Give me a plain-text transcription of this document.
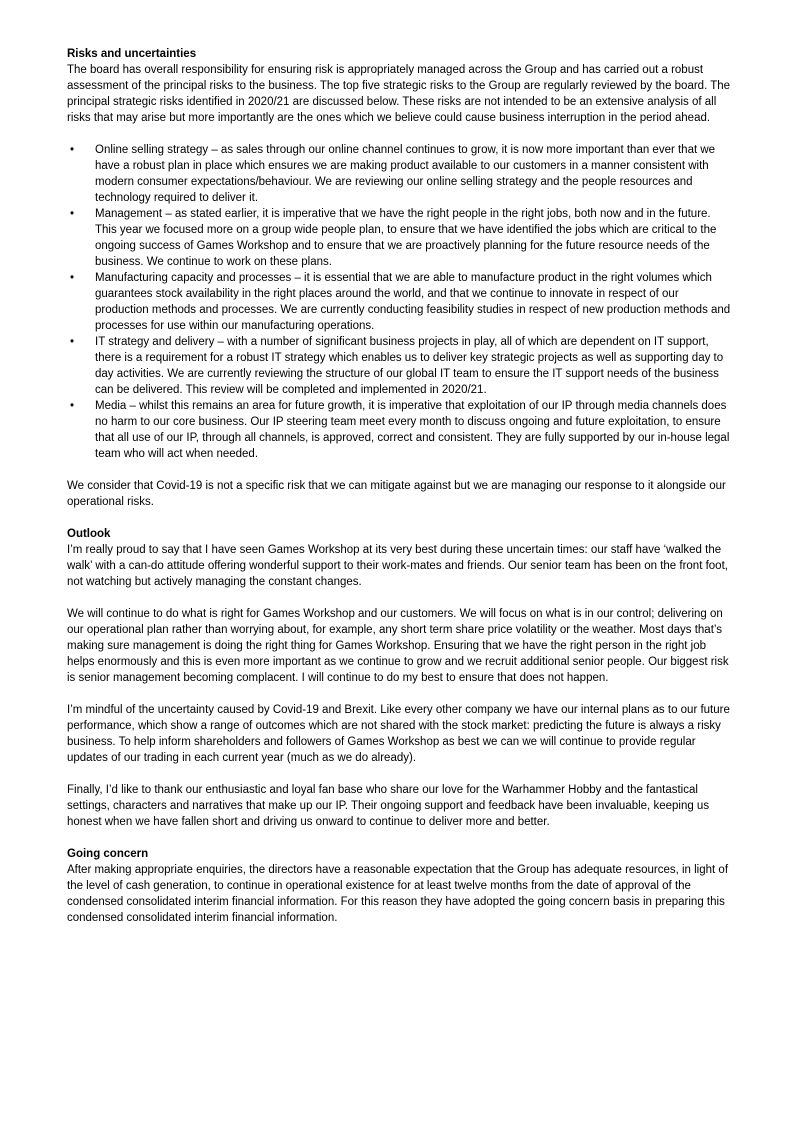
Risks and uncertainties

The board has overall responsibility for ensuring risk is appropriately managed across the Group and has carried out a robust assessment of the principal risks to the business. The top five strategic risks to the Group are regularly reviewed by the board. The principal strategic risks identified in 2020/21 are discussed below. These risks are not intended to be an extensive analysis of all risks that may arise but more importantly are the ones which we believe could cause business interruption in the period ahead.

•	Online selling strategy – as sales through our online channel continues to grow, it is now more important than ever that we have a robust plan in place which ensures we are making product available to our customers in a manner consistent with modern consumer expectations/behaviour. We are reviewing our online selling strategy and the people resources and technology required to deliver it.
•	Management – as stated earlier, it is imperative that we have the right people in the right jobs, both now and in the future. This year we focused more on a group wide people plan, to ensure that we have identified the jobs which are critical to the ongoing success of Games Workshop and to ensure that we are proactively planning for the future resource needs of the business. We continue to work on these plans.
•	Manufacturing capacity and processes – it is essential that we are able to manufacture product in the right volumes which guarantees stock availability in the right places around the world, and that we continue to innovate in respect of our production methods and processes. We are currently conducting feasibility studies in respect of new production methods and processes for use within our manufacturing operations.
•	IT strategy and delivery – with a number of significant business projects in play, all of which are dependent on IT support, there is a requirement for a robust IT strategy which enables us to deliver key strategic projects as well as supporting day to day activities. We are currently reviewing the structure of our global IT team to ensure the IT support needs of the business can be delivered. This review will be completed and implemented in 2020/21.
•	Media – whilst this remains an area for future growth, it is imperative that exploitation of our IP through media channels does no harm to our core business. Our IP steering team meet every month to discuss ongoing and future exploitation, to ensure that all use of our IP, through all channels, is approved, correct and consistent. They are fully supported by our in-house legal team who will act when needed.

We consider that Covid-19 is not a specific risk that we can mitigate against but we are managing our response to it alongside our operational risks.

Outlook

I’m really proud to say that I have seen Games Workshop at its very best during these uncertain times: our staff have ‘walked the walk’ with a can-do attitude offering wonderful support to their work-mates and friends. Our senior team has been on the front foot, not watching but actively managing the constant changes.

We will continue to do what is right for Games Workshop and our customers. We will focus on what is in our control; delivering on our operational plan rather than worrying about, for example, any short term share price volatility or the weather. Most days that’s making sure management is doing the right thing for Games Workshop. Ensuring that we have the right person in the right job helps enormously and this is even more important as we continue to grow and we recruit additional senior people. Our biggest risk is senior management becoming complacent. I will continue to do my best to ensure that does not happen.

I’m mindful of the uncertainty caused by Covid-19 and Brexit. Like every other company we have our internal plans as to our future performance, which show a range of outcomes which are not shared with the stock market: predicting the future is always a risky business. To help inform shareholders and followers of Games Workshop as best we can we will continue to provide regular updates of our trading in each current year (much as we do already).

Finally, I’d like to thank our enthusiastic and loyal fan base who share our love for the Warhammer Hobby and the fantastical settings, characters and narratives that make up our IP. Their ongoing support and feedback have been invaluable, keeping us honest when we have fallen short and driving us onward to continue to deliver more and better.

Going concern

After making appropriate enquiries, the directors have a reasonable expectation that the Group has adequate resources, in light of the level of cash generation, to continue in operational existence for at least twelve months from the date of approval of the condensed consolidated interim financial information. For this reason they have adopted the going concern basis in preparing this condensed consolidated interim financial information.
